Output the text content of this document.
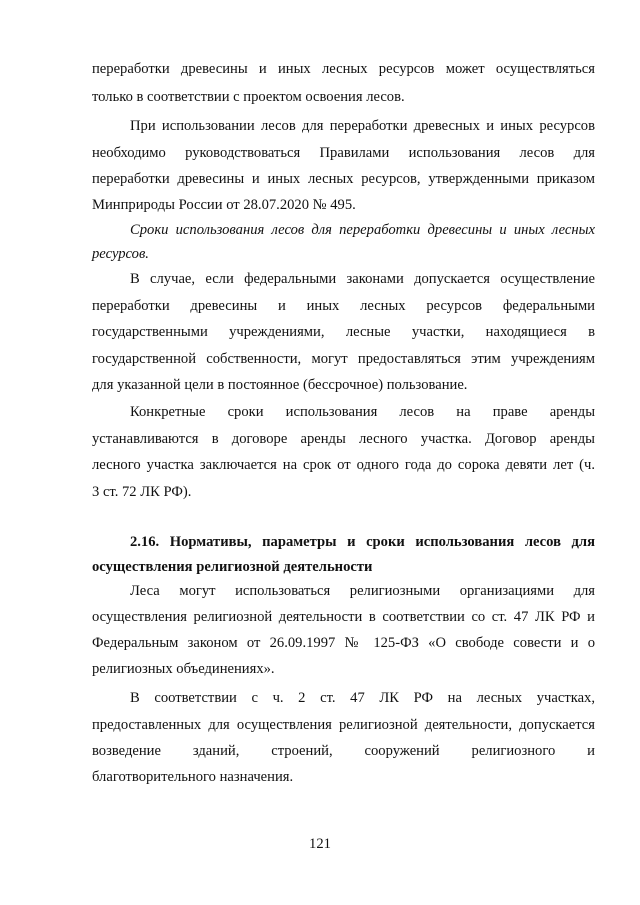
переработки древесины и иных лесных ресурсов может осуществляться
только в соответствии с проектом освоения лесов.
При использовании лесов для переработки древесных и иных ресурсов
необходимо руководствоваться Правилами использования лесов для
переработки древесины и иных лесных ресурсов, утвержденными приказом
Минприроды России от 28.07.2020 № 495.
Сроки использования лесов для переработки древесины и иных лесных
ресурсов.
В случае, если федеральными законами допускается осуществление
переработки древесины и иных лесных ресурсов федеральными
государственными учреждениями, лесные участки, находящиеся в
государственной собственности, могут предоставляться этим учреждениям
для указанной цели в постоянное (бессрочное) пользование.
Конкретные сроки использования лесов на праве аренды
устанавливаются в договоре аренды лесного участка. Договор аренды
лесного участка заключается на срок от одного года до сорока девяти лет (ч.
3 ст. 72 ЛК РФ).
2.16. Нормативы, параметры и сроки использования лесов для
осуществления религиозной деятельности
Леса могут использоваться религиозными организациями для
осуществления религиозной деятельности в соответствии со ст. 47 ЛК РФ и
Федеральным законом от 26.09.1997 № 125-ФЗ «О свободе совести и о
религиозных объединениях».
В соответствии с ч. 2 ст. 47 ЛК РФ на лесных участках,
предоставленных для осуществления религиозной деятельности, допускается
возведение зданий, строений, сооружений религиозного и
благотворительного назначения.
121
